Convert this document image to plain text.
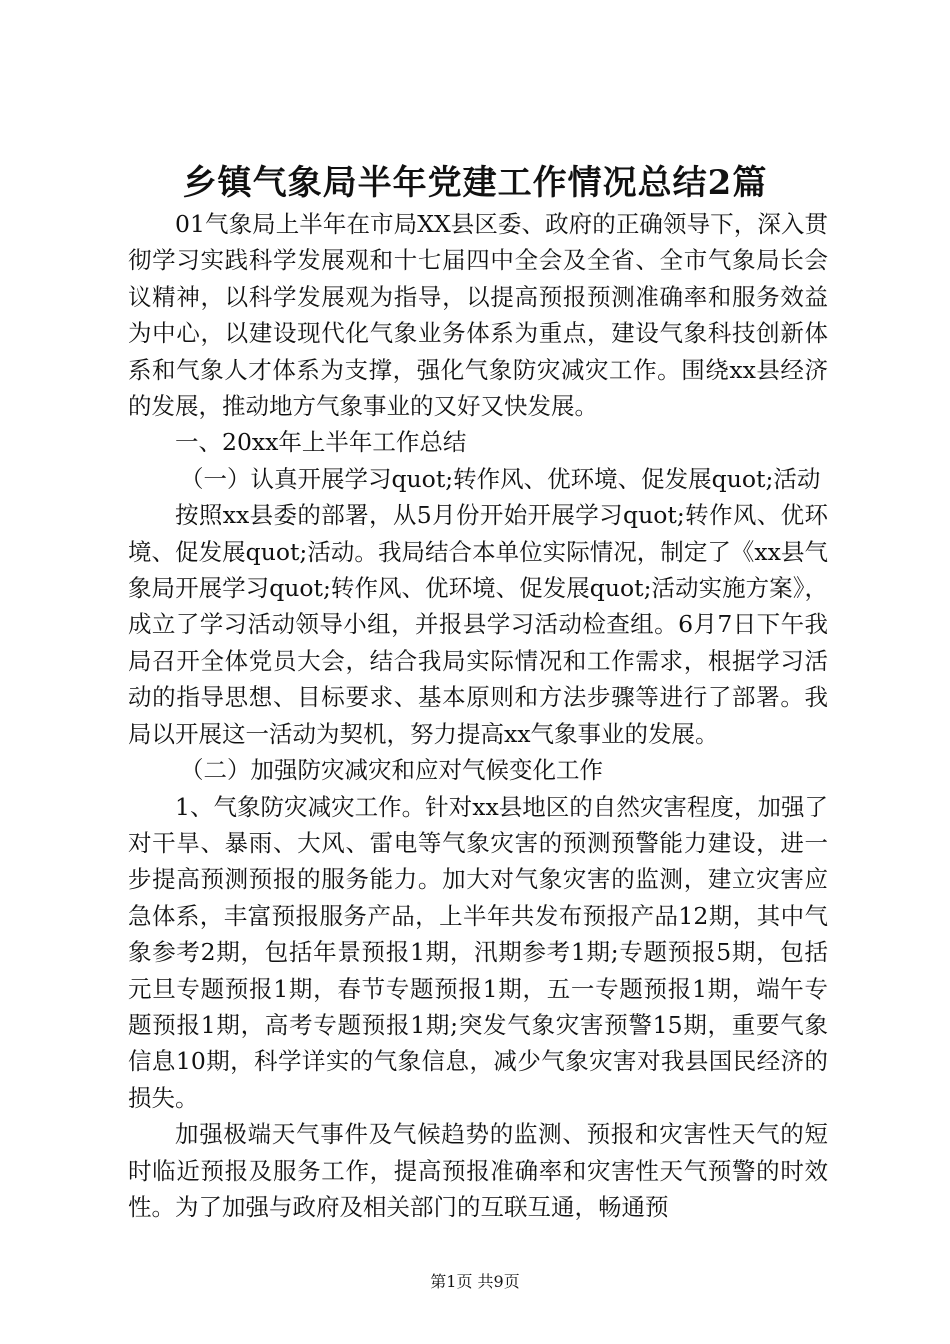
乡镇气象局半年党建工作情况总结2篇

01气象局上半年在市局XX县区委、政府的正确领导下，深入贯彻学习实践科学发展观和十七届四中全会及全省、全市气象局长会议精神，以科学发展观为指导，以提高预报预测准确率和服务效益为中心，以建设现代化气象业务体系为重点，建设气象科技创新体系和气象人才体系为支撑，强化气象防灾减灾工作。围绕xx县经济的发展，推动地方气象事业的又好又快发展。

一、20xx年上半年工作总结

（一）认真开展学习quot;转作风、优环境、促发展quot;活动

按照xx县委的部署，从5月份开始开展学习quot;转作风、优环境、促发展quot;活动。我局结合本单位实际情况，制定了《xx县气象局开展学习quot;转作风、优环境、促发展quot;活动实施方案》，成立了学习活动领导小组，并报县学习活动检查组。6月7日下午我局召开全体党员大会，结合我局实际情况和工作需求，根据学习活动的指导思想、目标要求、基本原则和方法步骤等进行了部署。我局以开展这一活动为契机，努力提高xx气象事业的发展。

（二）加强防灾减灾和应对气候变化工作

1、气象防灾减灾工作。针对xx县地区的自然灾害程度，加强了对干旱、暴雨、大风、雷电等气象灾害的预测预警能力建设，进一步提高预测预报的服务能力。加大对气象灾害的监测，建立灾害应急体系，丰富预报服务产品，上半年共发布预报产品12期，其中气象参考2期，包括年景预报1期，汛期参考1期;专题预报5期，包括元旦专题预报1期，春节专题预报1期，五一专题预报1期，端午专题预报1期，高考专题预报1期;突发气象灾害预警15期，重要气象信息10期，科学详实的气象信息，减少气象灾害对我县国民经济的损失。

加强极端天气事件及气候趋势的监测、预报和灾害性天气的短时临近预报及服务工作，提高预报准确率和灾害性天气预警的时效性。为了加强与政府及相关部门的互联互通，畅通预

第1页 共9页
